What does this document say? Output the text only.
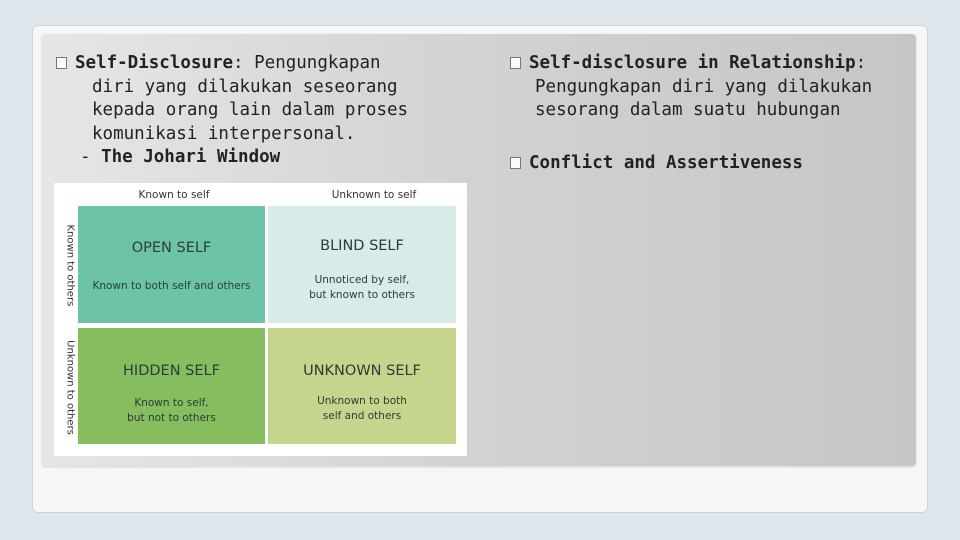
Self-Disclosure: Pengungkapan
diri yang dilakukan seseorang
kepada orang lain dalam proses
komunikasi interpersonal.
- The Johari Window
Self-disclosure in Relationship:
Pengungkapan diri yang dilakukan
sesorang dalam suatu hubungan
Conflict and Assertiveness
Known to self	Unknown to self
Known to others
Unknown to others
OPEN SELF
Known to both self and others
BLIND SELF
Unnoticed by self,
but known to others
HIDDEN SELF
Known to self,
but not to others
UNKNOWN SELF
Unknown to both
self and others
